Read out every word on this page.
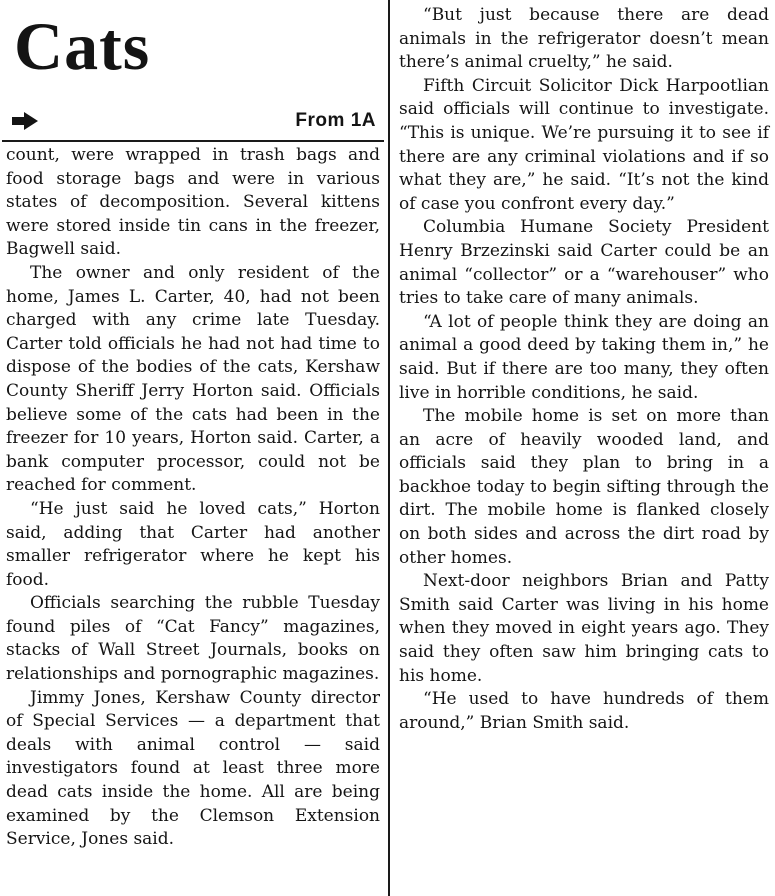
Cats
From 1A

count, were wrapped in trash bags and food storage bags and were in various states of decomposition. Several kittens were stored inside tin cans in the freezer, Bagwell said.

The owner and only resident of the home, James L. Carter, 40, had not been charged with any crime late Tuesday. Carter told officials he had not had time to dispose of the bodies of the cats, Kershaw County Sheriff Jerry Horton said. Officials believe some of the cats had been in the freezer for 10 years, Horton said. Carter, a bank computer processor, could not be reached for comment.

“He just said he loved cats,” Horton said, adding that Carter had another smaller refrigerator where he kept his food.

Officials searching the rubble Tuesday found piles of “Cat Fancy” magazines, stacks of Wall Street Journals, books on relationships and pornographic magazines.

Jimmy Jones, Kershaw County director of Special Services — a department that deals with animal control — said investigators found at least three more dead cats inside the home. All are being examined by the Clemson Extension Service, Jones said.

“But just because there are dead animals in the refrigerator doesn’t mean there’s animal cruelty,” he said.

Fifth Circuit Solicitor Dick Harpootlian said officials will continue to investigate. “This is unique. We’re pursuing it to see if there are any criminal violations and if so what they are,” he said. “It’s not the kind of case you confront every day.”

Columbia Humane Society President Henry Brzezinski said Carter could be an animal “collector” or a “warehouser” who tries to take care of many animals.

“A lot of people think they are doing an animal a good deed by taking them in,” he said. But if there are too many, they often live in horrible conditions, he said.

The mobile home is set on more than an acre of heavily wooded land, and officials said they plan to bring in a backhoe today to begin sifting through the dirt. The mobile home is flanked closely on both sides and across the dirt road by other homes.

Next-door neighbors Brian and Patty Smith said Carter was living in his home when they moved in eight years ago. They said they often saw him bringing cats to his home.

“He used to have hundreds of them around,” Brian Smith said.
